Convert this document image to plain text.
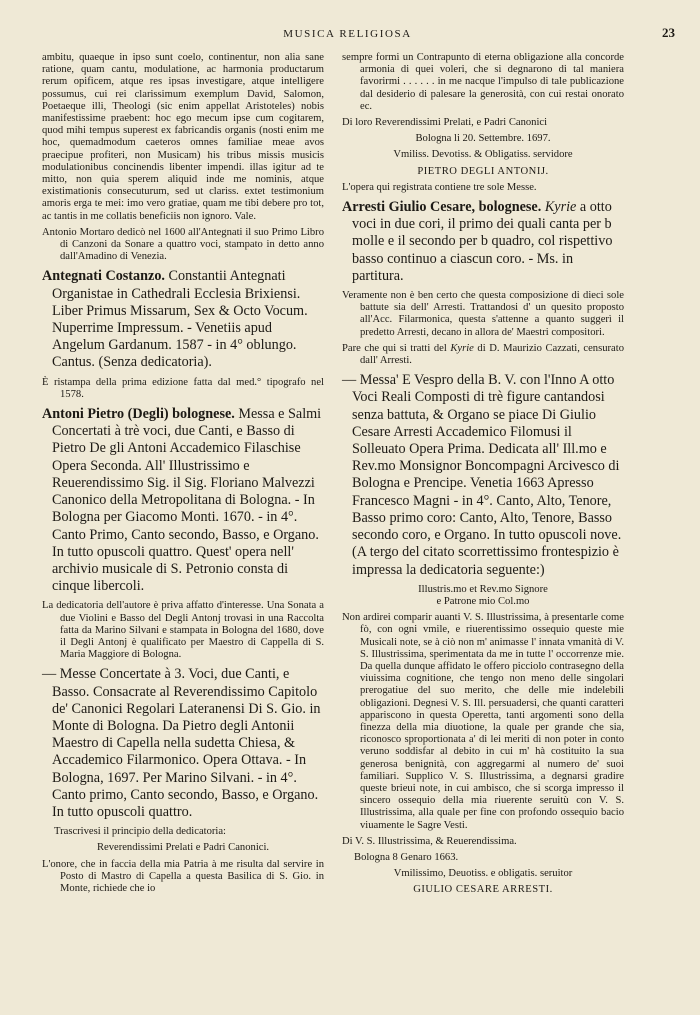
MUSICA RELIGIOSA	23

ambitu, quaeque in ipso sunt coelo, continentur, non alia sane ratione, quam cantu, modulatione, ac harmonia productarum rerum opificem, atque res ipsas investigare, atque intelligere possumus, cui rei clarissimum exemplum David, Salomon, Poetaeque illi, Theologi (sic enim appellat Aristoteles) nobis manifestissime praebent: hoc ego mecum ipse cum cogitarem, quod mihi tempus superest ex fabricandis organis (nosti enim me hoc, quemadmodum caeteros omnes familiae meae avos praecipue profiteri, non Musicam) his tribus missis musicis modulationibus concinendis libenter impendi. illas igitur ad te mitto, non quia sperem aliquid inde me nominis, atque existimationis consecuturum, sed ut clariss. extet testimonium amoris erga te mei: imo vero gratiae, quam me tibi debere pro tot, ac tantis in me collatis beneficiis non ignoro. Vale.

Antonio Mortaro dedicò nel 1600 all'Antegnati il suo Primo Libro di Canzoni da Sonare a quattro voci, stampato in detto anno dall'Amadino di Venezia.

Antegnati Costanzo. Constantii Antegnati Organistae in Cathedrali Ecclesia Brixiensi. Liber Primus Missarum, Sex & Octo Vocum. Nuperrime Impressum. - Venetiis apud Angelum Gardanum. 1587 - in 4° oblungo. Cantus. (Senza dedicatoria).

È ristampa della prima edizione fatta dal med.° tipografo nel 1578.

Antoni Pietro (Degli) bolognese. Messa e Salmi Concertati à trè voci, due Canti, e Basso di Pietro De gli Antoni Accademico Filaschise Opera Seconda. All' Illustrissimo e Reuerendissimo Sig. il Sig. Floriano Malvezzi Canonico della Metropolitana di Bologna. - In Bologna per Giacomo Monti. 1670. - in 4°. Canto Primo, Canto secondo, Basso, e Organo. In tutto opuscoli quattro. Quest' opera nell' archivio musicale di S. Petronio consta di cinque libercoli.

La dedicatoria dell'autore è priva affatto d'interesse. Una Sonata a due Violini e Basso del Degli Antonj trovasi in una Raccolta fatta da Marino Silvani e stampata in Bologna del 1680, dove il Degli Antonj è qualificato per Maestro di Cappella di S. Maria Maggiore di Bologna.

— Messe Concertate à 3. Voci, due Canti, e Basso. Consacrate al Reverendissimo Capitolo de' Canonici Regolari Lateranensi Di S. Gio. in Monte di Bologna. Da Pietro degli Antonii Maestro di Capella nella sudetta Chiesa, & Accademico Filarmonico. Opera Ottava. - In Bologna, 1697. Per Marino Silvani. - in 4°. Canto primo, Canto secondo, Basso, e Organo. In tutto opuscoli quattro.

Trascrivesi il principio della dedicatoria:

Reverendissimi Prelati e Padri Canonici.

L'onore, che in faccia della mia Patria à me risulta dal servire in Posto di Mastro di Capella a questa Basilica di S. Gio. in Monte, richiede che io

sempre formi un Contrapunto di eterna obligazione alla concorde armonia di quei voleri, che si degnarono di tal maniera favorirmi . . . . . . in me nacque l'impulso di tale publicazione dal desiderio di palesare la generosità, con cui restai onorato ec.

Di loro Reverendissimi Prelati, e Padri Canonici

Bologna li 20. Settembre. 1697.

Vmiliss. Devotiss. & Obligatiss. servidore

PIETRO DEGLI ANTONIJ.

L'opera qui registrata contiene tre sole Messe.

Arresti Giulio Cesare, bolognese. Kyrie a otto voci in due cori, il primo dei quali canta per b molle e il secondo per b quadro, col rispettivo basso continuo a ciascun coro. - Ms. in partitura.

Veramente non è ben certo che questa composizione di dieci sole battute sia dell' Arresti. Trattandosi d' un quesito proposto all'Acc. Filarmonica, questa s'attenne a quanto suggerì il predetto Arresti, decano in allora de' Maestri compositori.

Pare che qui si tratti del Kyrie di D. Maurizio Cazzati, censurato dall' Arresti.

— Messa' E Vespro della B. V. con l'Inno A otto Voci Reali Composti di trè figure cantandosi senza battuta, & Organo se piace Di Giulio Cesare Arresti Accademico Filomusi il Solleuato Opera Prima. Dedicata all' Ill.mo e Rev.mo Monsignor Boncompagni Arcivesco di Bologna e Prencipe. Venetia 1663 Apresso Francesco Magni - in 4°. Canto, Alto, Tenore, Basso primo coro: Canto, Alto, Tenore, Basso secondo coro, e Organo. In tutto opuscoli nove. (A tergo del citato scorrettissimo frontespizio è impressa la dedicatoria seguente:)

Illustris.mo et Rev.mo Signore

e Patrone mio Col.mo

Non ardirei comparir auanti V. S. Illustrissima, à presentarle come fò, con ogni vmile, e riuerentissimo ossequio queste mie Musicali note, se à ciò non m' animasse l' innata vmanità di V. S. Illustrissima, sperimentata da me in tutte l' occorrenze mie. Da quella dunque affidato le offero picciolo contrasegno della viuissima cognitione, che tengo non meno delle singolari prerogatiue del suo merito, che delle mie indelebili obligazioni. Degnesi V. S. Ill. persuadersi, che quanti caratteri appariscono in questa Operetta, tanti argomenti sono della finezza della mia diuotione, la quale per grande che sia, riconosco sproportionata a' di lei meriti di non poter in conto veruno soddisfar al debito in cui m' hà costituito la sua generosa benignità, con aggregarmi al numero de' suoi familiari. Supplico V. S. Illustrissima, a degnarsi gradire queste brieui note, in cui ambisco, che si scorga impresso il sincero ossequio della mia riuerente seruitù con V. S. Illustrissima, alla quale per fine con profondo ossequio bacio viuamente le Sagre Vesti.

Di V. S. Illustrissima, & Reuerendissima.

Bologna 8 Genaro 1663.

Vmilissimo, Deuotiss. e obligatis. seruitor

GIULIO CESARE ARRESTI.
